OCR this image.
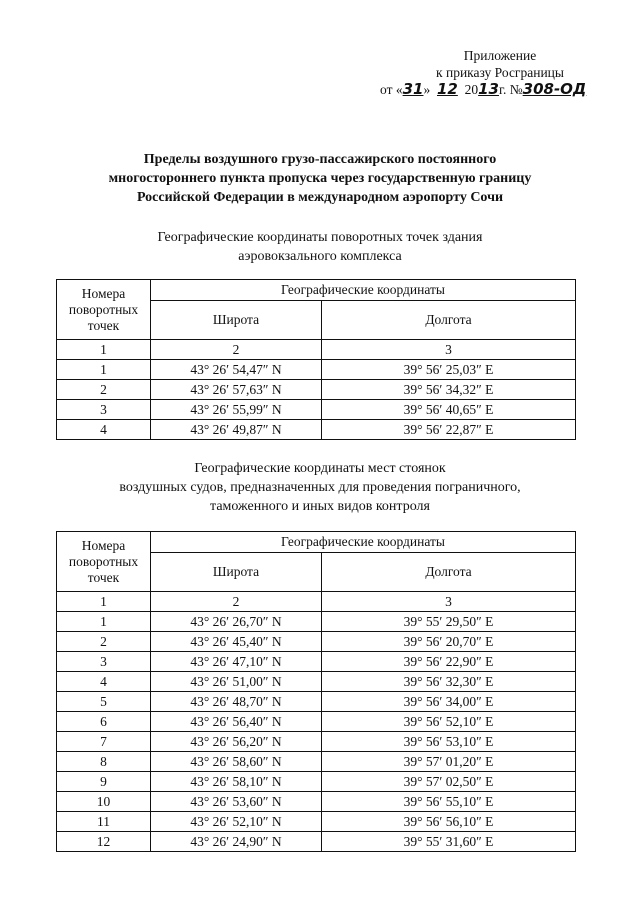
Приложение
к приказу Росграницы
от «31» 12 2013г. №308-ОД
Пределы воздушного грузо-пассажирского постоянного
многостороннего пункта пропуска через государственную границу
Российской Федерации в международном аэропорту Сочи
Географические координаты поворотных точек здания
аэровокзального комплекса
Номера поворотных точек	Географические координаты	
	Широта	Долгота
1	2	3
1	43° 26′ 54,47″ N	39° 56′ 25,03″ E
2	43° 26′ 57,63″ N	39° 56′ 34,32″ E
3	43° 26′ 55,99″ N	39° 56′ 40,65″ E
4	43° 26′ 49,87″ N	39° 56′ 22,87″ E
Географические координаты мест стоянок
воздушных судов, предназначенных для проведения пограничного,
таможенного и иных видов контроля
Номера поворотных точек	Географические координаты	
	Широта	Долгота
1	2	3
1	43° 26′ 26,70″ N	39° 55′ 29,50″ E
2	43° 26′ 45,40″ N	39° 56′ 20,70″ E
3	43° 26′ 47,10″ N	39° 56′ 22,90″ E
4	43° 26′ 51,00″ N	39° 56′ 32,30″ E
5	43° 26′ 48,70″ N	39° 56′ 34,00″ E
6	43° 26′ 56,40″ N	39° 56′ 52,10″ E
7	43° 26′ 56,20″ N	39° 56′ 53,10″ E
8	43° 26′ 58,60″ N	39° 57′ 01,20″ E
9	43° 26′ 58,10″ N	39° 57′ 02,50″ E
10	43° 26′ 53,60″ N	39° 56′ 55,10″ E
11	43° 26′ 52,10″ N	39° 56′ 56,10″ E
12	43° 26′ 24,90″ N	39° 55′ 31,60″ E
